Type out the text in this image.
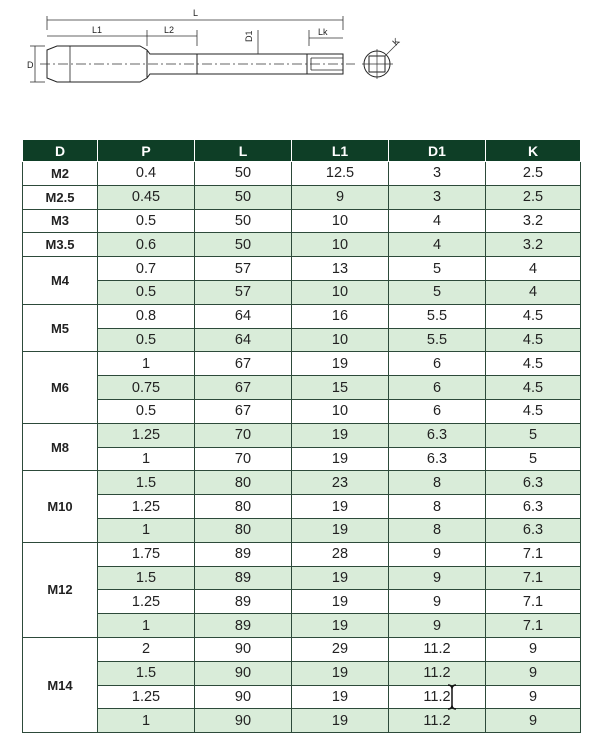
L
L1	L2	Lk
D
D1	K
D	P	L	L1	D1	K
M2	0.4	50	12.5	3	2.5
M2.5	0.45	50	9	3	2.5
M3	0.5	50	10	4	3.2
M3.5	0.6	50	10	4	3.2
M4	0.7	57	13	5	4
	0.5	57	10	5	4
M5	0.8	64	16	5.5	4.5
	0.5	64	10	5.5	4.5
M6	1	67	19	6	4.5
	0.75	67	15	6	4.5
	0.5	67	10	6	4.5
M8	1.25	70	19	6.3	5
	1	70	19	6.3	5
M10	1.5	80	23	8	6.3
	1.25	80	19	8	6.3
	1	80	19	8	6.3
M12	1.75	89	28	9	7.1
	1.5	89	19	9	7.1
	1.25	89	19	9	7.1
	1	89	19	9	7.1
M14	2	90	29	11.2	9
	1.5	90	19	11.2	9
	1.25	90	19	11.2	9
	1	90	19	11.2	9
